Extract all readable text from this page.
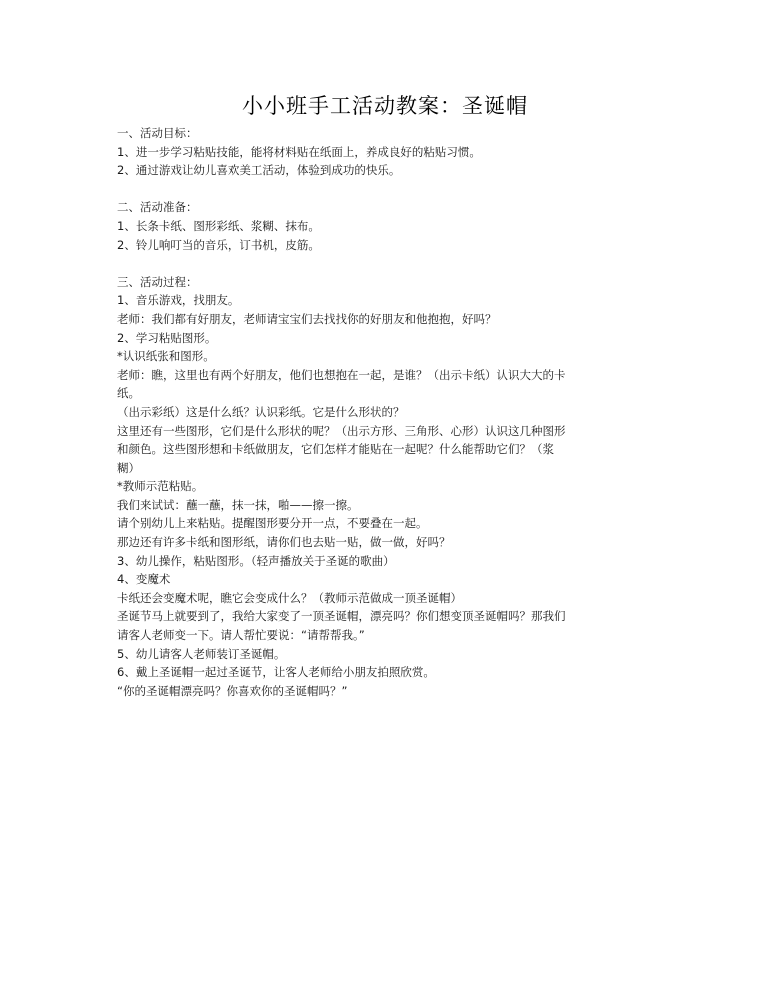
小小班手工活动教案：圣诞帽
一、活动目标：
1、进一步学习粘贴技能，能将材料贴在纸面上，养成良好的粘贴习惯。
2、通过游戏让幼儿喜欢美工活动，体验到成功的快乐。
二、活动准备：
1、长条卡纸、图形彩纸、浆糊、抹布。
2、铃儿响叮当的音乐，订书机，皮筋。
三、活动过程：
1、音乐游戏，找朋友。
老师：我们都有好朋友，老师请宝宝们去找找你的好朋友和他抱抱，好吗？
2、学习粘贴图形。
*认识纸张和图形。
老师：瞧，这里也有两个好朋友，他们也想抱在一起，是谁？（出示卡纸）认识大大的卡
纸。
（出示彩纸）这是什么纸？认识彩纸。它是什么形状的？
这里还有一些图形，它们是什么形状的呢？（出示方形、三角形、心形）认识这几种图形
和颜色。这些图形想和卡纸做朋友，它们怎样才能贴在一起呢？什么能帮助它们？（浆
糊）
*教师示范粘贴。
我们来试试：蘸一蘸，抹一抹，啪——擦一擦。
请个别幼儿上来粘贴。提醒图形要分开一点，不要叠在一起。
那边还有许多卡纸和图形纸，请你们也去贴一贴，做一做，好吗？
3、幼儿操作，粘贴图形。（轻声播放关于圣诞的歌曲）
4、变魔术
卡纸还会变魔术呢，瞧它会变成什么？（教师示范做成一顶圣诞帽）
圣诞节马上就要到了，我给大家变了一顶圣诞帽，漂亮吗？你们想变顶圣诞帽吗？那我们
请客人老师变一下。请人帮忙要说：“请帮帮我。”
5、幼儿请客人老师装订圣诞帽。
6、戴上圣诞帽一起过圣诞节，让客人老师给小朋友拍照欣赏。
“你的圣诞帽漂亮吗？你喜欢你的圣诞帽吗？”
